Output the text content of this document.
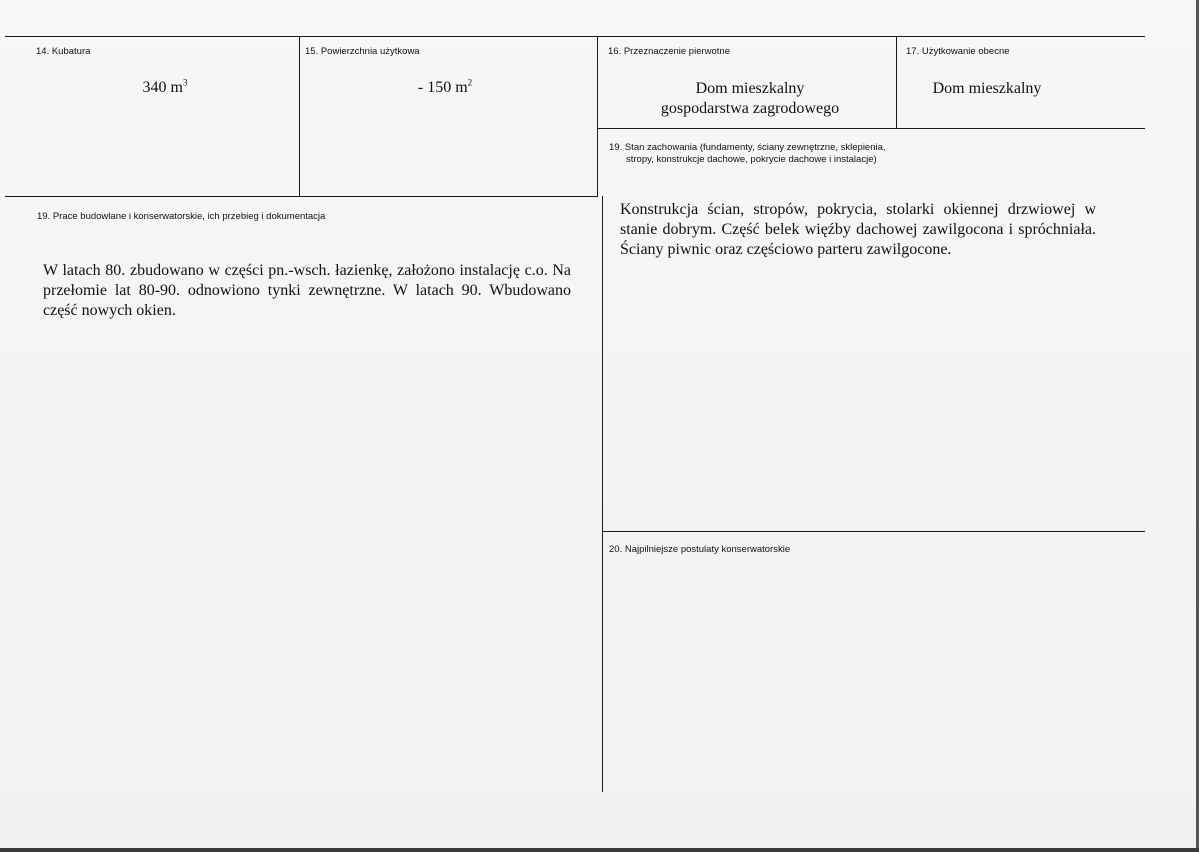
14. Kubatura
340 $m^3$
15. Powierzchnia użytkowa
- 150 $m^2$
16. Przeznaczenie pierwotne
Dom mieszkalny
gospodarstwa zagrodowego
17. Użytkowanie obecne
Dom mieszkalny
19. Stan zachowania (fundamenty, ściany zewnętrzne, sklepienia,
stropy, konstrukcje dachowe, pokrycie dachowe i instalacje)
Konstrukcja ścian, stropów, pokrycia, stolarki okiennej drzwiowej w stanie dobrym. Część belek więźby dachowej zawilgocona i spróchniała. Ściany piwnic oraz częściowo parteru zawilgocone.
19. Prace budowlane i konserwatorskie, ich przebieg i dokumentacja
W latach 80. zbudowano w części pn.-wsch. łazienkę, założono instalację c.o. Na przełomie lat 80-90. odnowiono tynki zewnętrzne. W latach 90. Wbudowano część nowych okien.
20. Najpilniejsze postulaty konserwatorskie
